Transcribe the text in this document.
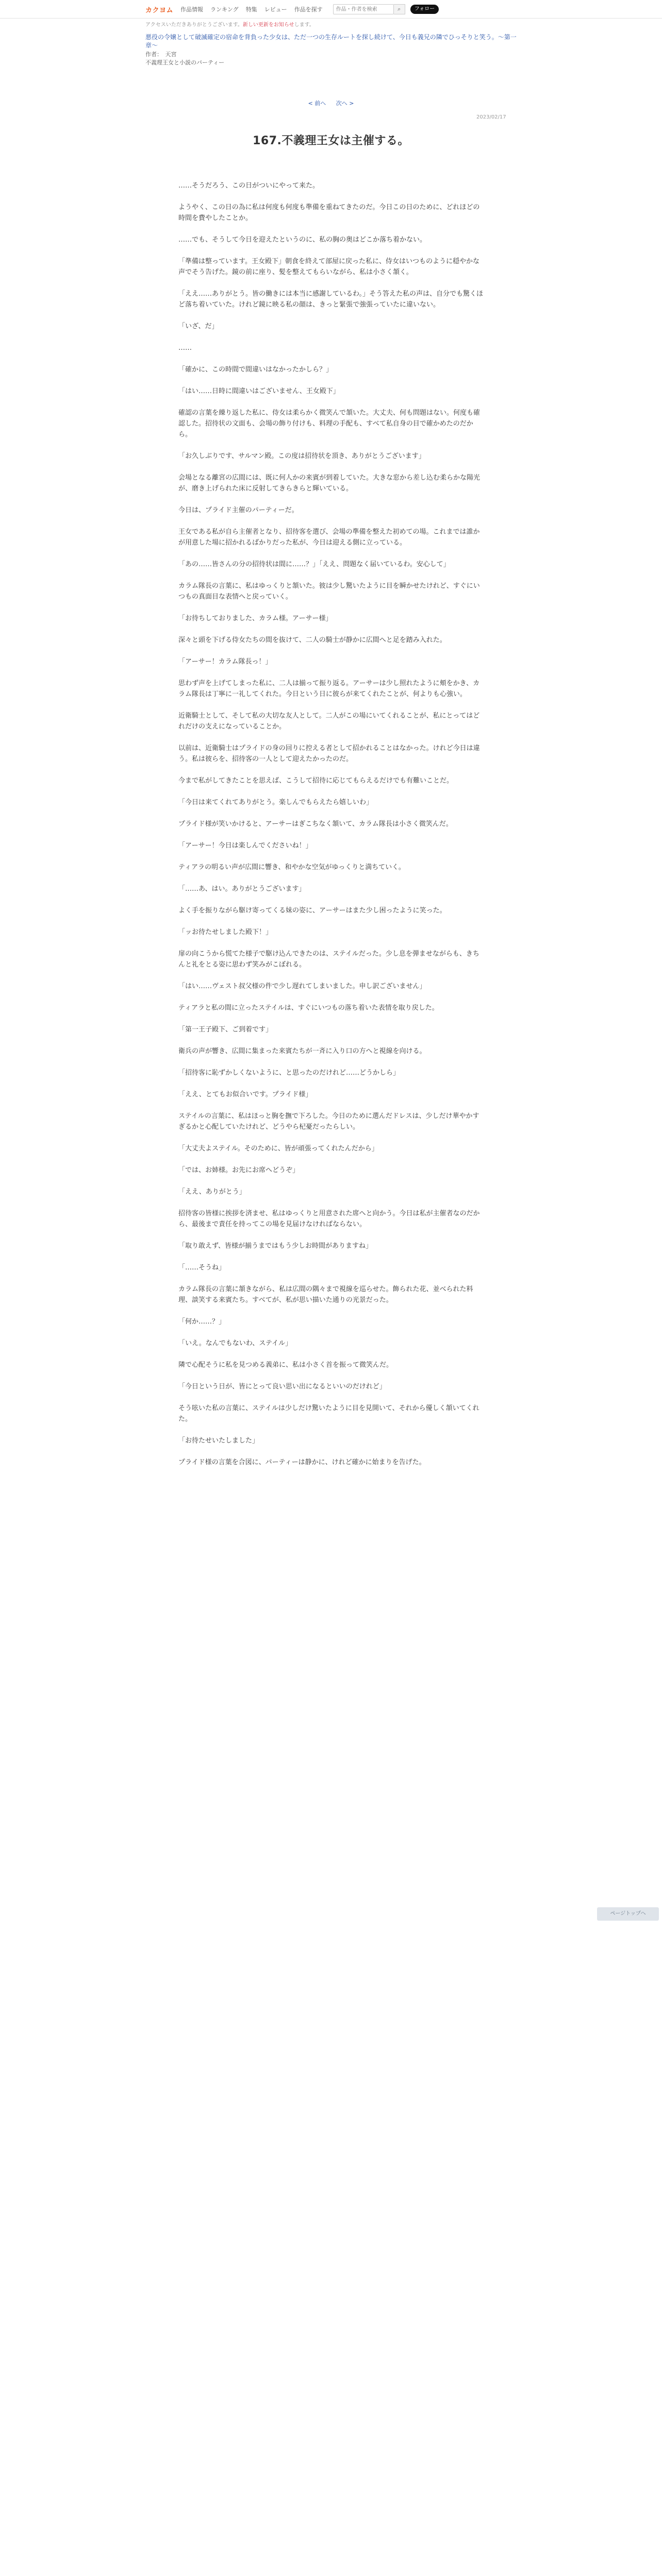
カクヨム 作品情報 ランキング 特集 レビュー 作品を探す
作品・作者を検索	⌕	フォロー
アクセスいただきありがとうございます。新しい更新をお知らせします。
悪役の令嬢として破滅確定の宿命を背負った少女は、ただ一つの生存ルートを探し続けて、今日も義兄の隣でひっそりと笑う。〜第一章〜
作者：　天宮
不義理王女と小説のパーティー
< 前へ 次へ >
2023/02/17
167.不義理王女は主催する。

……そうだろう、この日がついにやって来た。

ようやく、この日の為に私は何度も何度も準備を重ねてきたのだ。今日この日のために、どれほどの時間を費やしたことか。

……でも、そうして今日を迎えたというのに、私の胸の奥はどこか落ち着かない。

「準備は整っています。王女殿下」朝食を終えて部屋に戻った私に、侍女はいつものように穏やかな声でそう告げた。鏡の前に座り、髪を整えてもらいながら、私は小さく頷く。

「ええ……ありがとう。皆の働きには本当に感謝しているわ。」そう答えた私の声は、自分でも驚くほど落ち着いていた。けれど鏡に映る私の顔は、きっと緊張で強張っていたに違いない。

「いざ、だ」

……

「確かに、この時間で間違いはなかったかしら？」

「はい……日時に間違いはございません、王女殿下」

確認の言葉を繰り返した私に、侍女は柔らかく微笑んで頷いた。大丈夫、何も問題はない。何度も確認した。招待状の文面も、会場の飾り付けも、料理の手配も、すべて私自身の目で確かめたのだから。

「お久しぶりです、サルマン殿。この度は招待状を頂き、ありがとうございます」

会場となる離宮の広間には、既に何人かの来賓が到着していた。大きな窓から差し込む柔らかな陽光が、磨き上げられた床に反射してきらきらと輝いている。

今日は、プライド主催のパーティーだ。

王女である私が自ら主催者となり、招待客を選び、会場の準備を整えた初めての場。これまでは誰かが用意した場に招かれるばかりだった私が、今日は迎える側に立っている。

「あの……皆さんの分の招待状は間に……？」「ええ、問題なく届いているわ。安心して」

カラム隊長の言葉に、私はゆっくりと頷いた。彼は少し驚いたように目を瞬かせたけれど、すぐにいつもの真面目な表情へと戻っていく。

「お待ちしておりました、カラム様。アーサー様」

深々と頭を下げる侍女たちの間を抜けて、二人の騎士が静かに広間へと足を踏み入れた。

「アーサー！カラム隊長っ！」

思わず声を上げてしまった私に、二人は揃って振り返る。アーサーは少し照れたように頬をかき、カラム隊長は丁寧に一礼してくれた。今日という日に彼らが来てくれたことが、何よりも心強い。

近衛騎士として、そして私の大切な友人として。二人がこの場にいてくれることが、私にとってはどれだけの支えになっていることか。

以前は、近衛騎士はプライドの身の回りに控える者として招かれることはなかった。けれど今日は違う。私は彼らを、招待客の一人として迎えたかったのだ。

今まで私がしてきたことを思えば、こうして招待に応じてもらえるだけでも有難いことだ。

「今日は来てくれてありがとう。楽しんでもらえたら嬉しいわ」

プライド様が笑いかけると、アーサーはぎこちなく頷いて、カラム隊長は小さく微笑んだ。

「アーサー！今日は楽しんでくださいね！」

ティアラの明るい声が広間に響き、和やかな空気がゆっくりと満ちていく。

「……あ、はい。ありがとうございます」

よく手を振りながら駆け寄ってくる妹の姿に、アーサーはまた少し困ったように笑った。

「ッお待たせしました殿下！」

扉の向こうから慌てた様子で駆け込んできたのは、ステイルだった。少し息を弾ませながらも、きちんと礼をとる姿に思わず笑みがこぼれる。

「はい……ヴェスト叔父様の件で少し遅れてしまいました。申し訳ございません」

ティアラと私の間に立ったステイルは、すぐにいつもの落ち着いた表情を取り戻した。

「第一王子殿下、ご到着です」

衛兵の声が響き、広間に集まった来賓たちが一斉に入り口の方へと視線を向ける。

「招待客に恥ずかしくないように、と思ったのだけれど……どうかしら」

「ええ、とてもお似合いです。プライド様」

ステイルの言葉に、私はほっと胸を撫で下ろした。今日のために選んだドレスは、少しだけ華やかすぎるかと心配していたけれど、どうやら杞憂だったらしい。

「大丈夫よステイル。そのために、皆が頑張ってくれたんだから」

「では、お姉様。お先にお席へどうぞ」

「ええ、ありがとう」

招待客の皆様に挨拶を済ませ、私はゆっくりと用意された席へと向かう。今日は私が主催者なのだから、最後まで責任を持ってこの場を見届けなければならない。

「取り敢えず、皆様が揃うまではもう少しお時間がありますね」

「……そうね」

カラム隊長の言葉に頷きながら、私は広間の隅々まで視線を巡らせた。飾られた花、並べられた料理、談笑する来賓たち。すべてが、私が思い描いた通りの光景だった。

「何か……？」

「いえ。なんでもないわ、ステイル」

隣で心配そうに私を見つめる義弟に、私は小さく首を振って微笑んだ。

「今日という日が、皆にとって良い思い出になるといいのだけれど」

そう呟いた私の言葉に、ステイルは少しだけ驚いたように目を見開いて、それから優しく頷いてくれた。

「お待たせいたしました」

プライド様の言葉を合図に、パーティーは静かに、けれど確かに始まりを告げた。

ページトップへ
